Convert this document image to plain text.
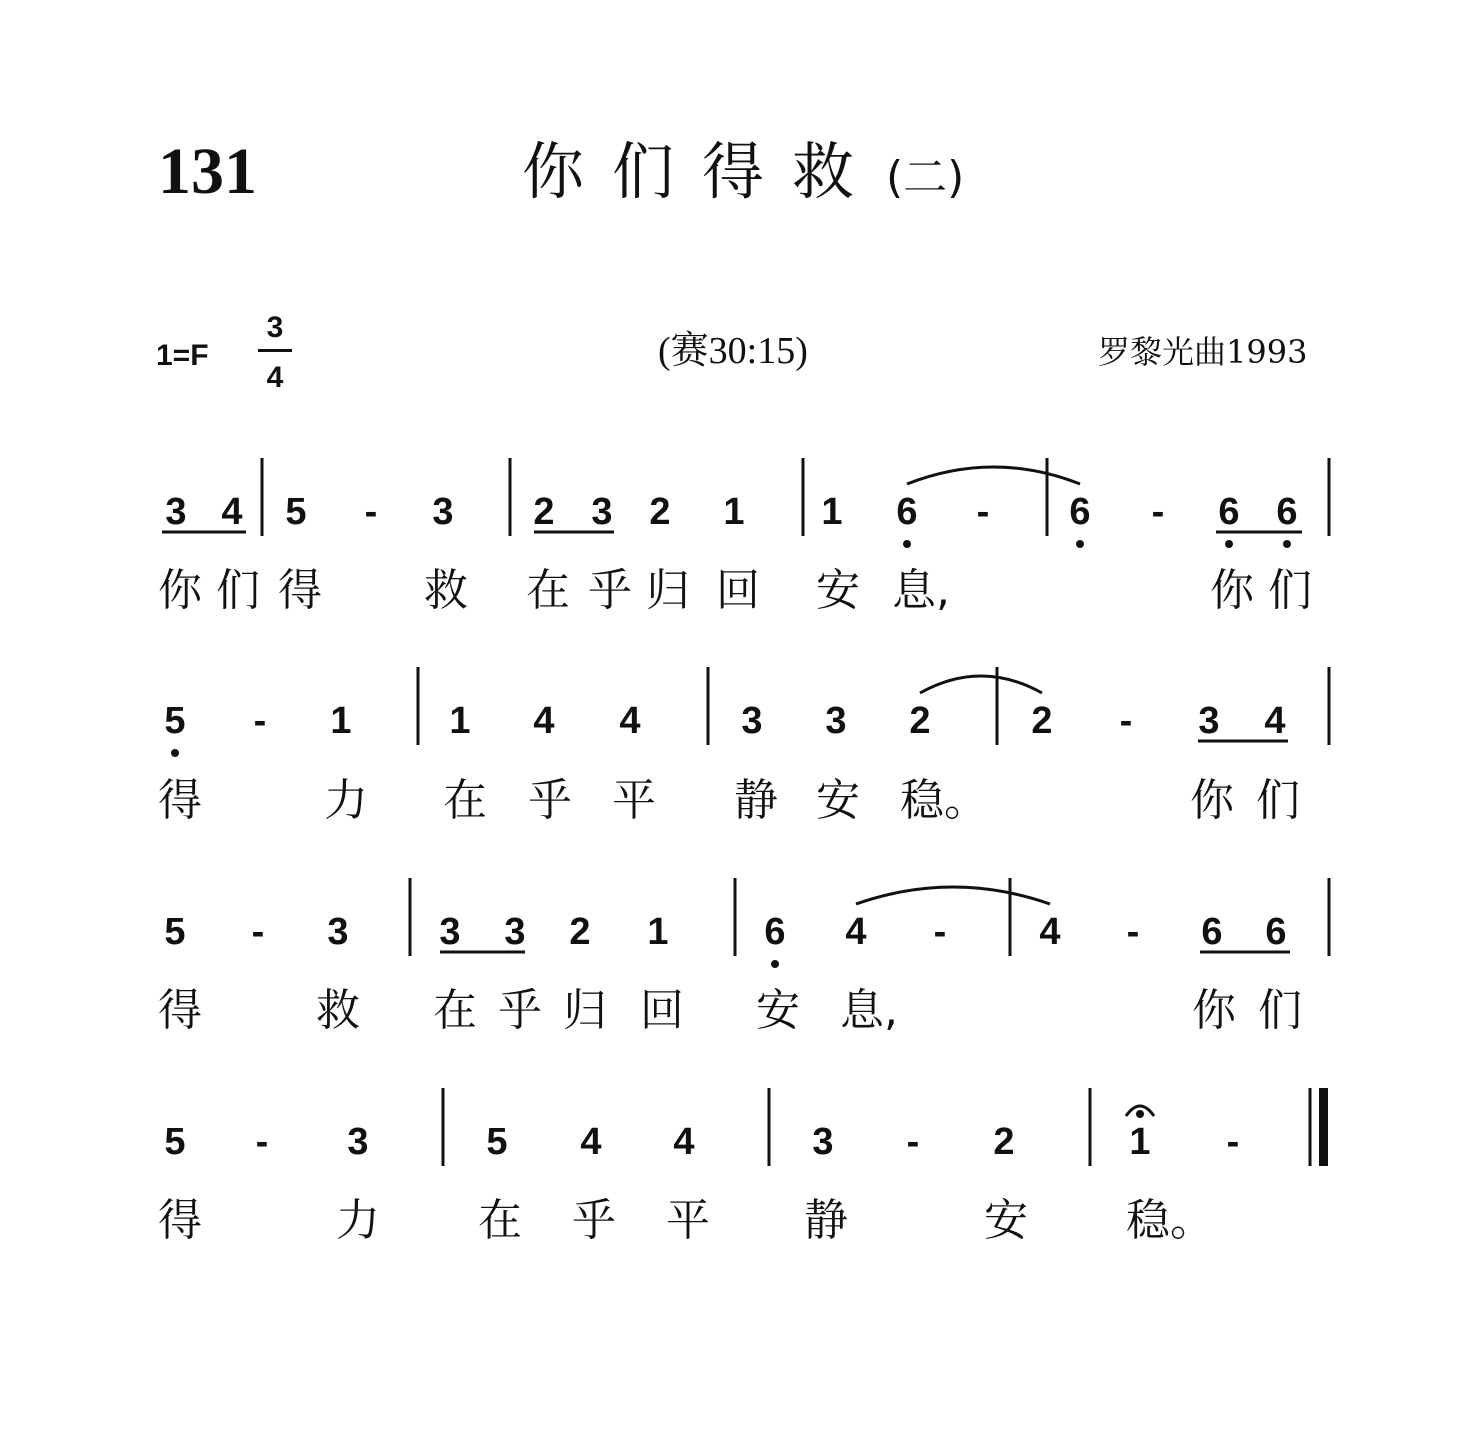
131	你们得救 (二)
1=F
3
4
(赛30:15)	罗黎光曲1993
3 4 5 - 3 2 3 2 1 1 6 - 6 - 6 6
5 - 1	1 4 4	3 3 2	2 - 3 4
5 - 3 3 3 2 1	6 4 - 4 - 6 6
5 - 3	5 4 4	3 - 2	1 -
你 们 得 救 在 乎 归 回 安 息,	你 们
得	力 在 乎 平 静 安 稳。	你 们
得	救 在 乎 归 回 安 息,	你 们
得	力 在 乎 平 静	安 稳。
